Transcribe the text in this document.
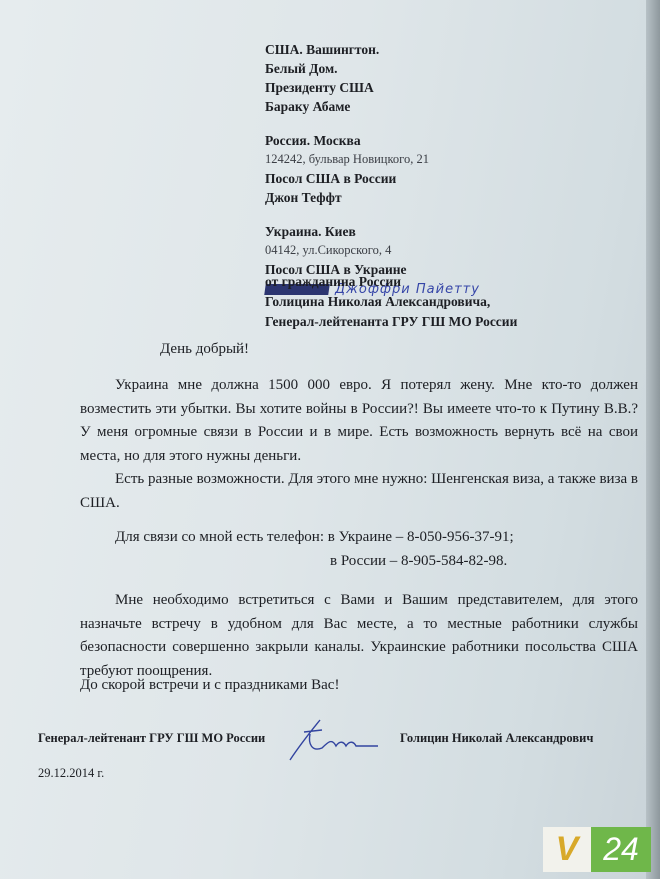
США. Вашингтон.
Белый Дом.
Президенту США
Бараку Абаме
Россия. Москва
124242, бульвар Новицкого, 21
Посол США в России
Джон Теффт
Украина. Киев
04142, ул.Сикорского, 4
Посол США в Украине
Джоффри Пайетту
от гражданина России
Голицина Николая Александровича,
Генерал-лейтенанта ГРУ ГШ МО России
День добрый!

Украина мне должна 1500 000 евро. Я потерял жену. Мне кто-то должен возместить эти убытки. Вы хотите войны в России?! Вы имеете что-то к Путину В.В.? У меня огромные связи в России и в мире. Есть возможность вернуть всё на свои места, но для этого нужны деньги.

Есть разные возможности. Для этого мне нужно: Шенгенская виза, а также виза в США.

Для связи со мной есть телефон: в Украине – 8-050-956-37-91;
в России – 8-905-584-82-98.

Мне необходимо встретиться с Вами и Вашим представителем, для этого назначьте встречу в удобном для Вас месте, а то местные работники службы безопасности совершенно закрыли каналы. Украинские работники посольства США требуют поощрения.

До скорой встречи и с праздниками Вас!
Генерал-лейтенант ГРУ ГШ МО России	Голицин Николай Александрович
29.12.2014 г.
V 24
